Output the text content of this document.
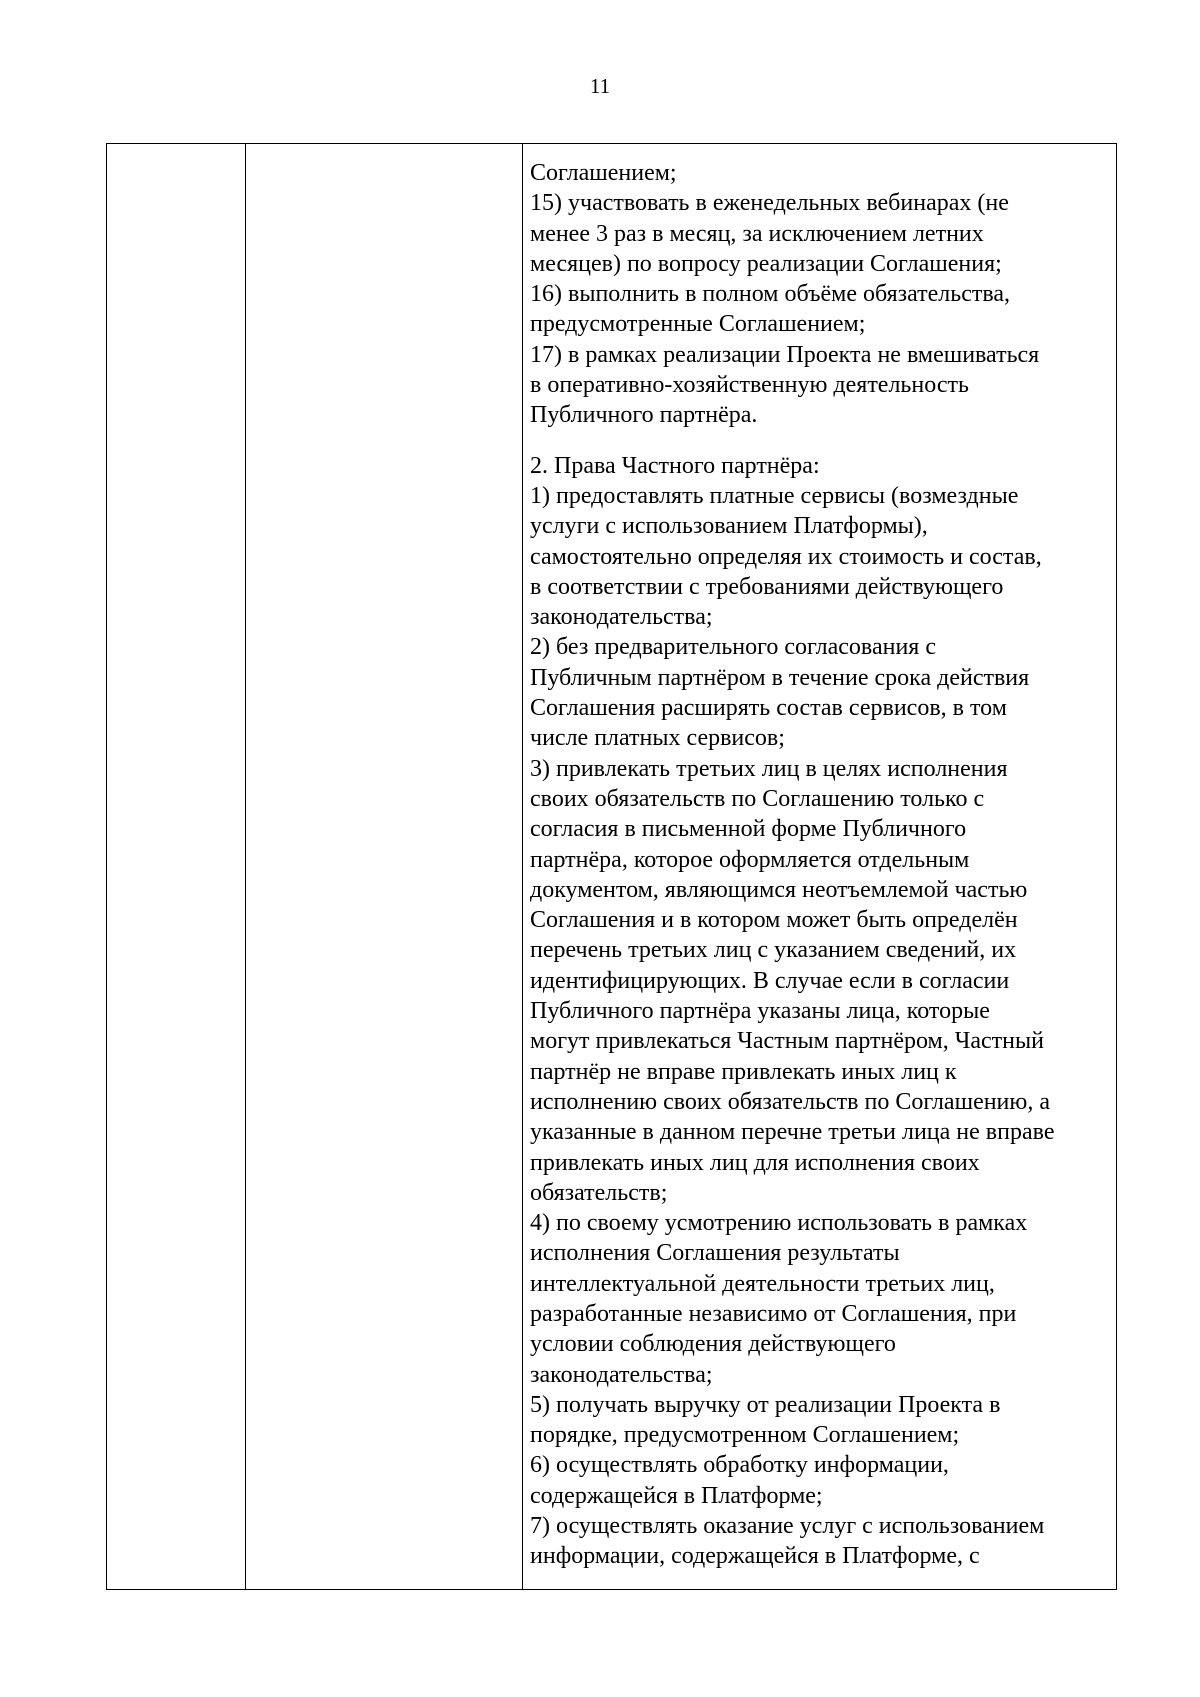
11

Соглашением;
15) участвовать в еженедельных вебинарах (не
менее 3 раз в месяц, за исключением летних
месяцев) по вопросу реализации Соглашения;
16) выполнить в полном объёме обязательства,
предусмотренные Соглашением;
17) в рамках реализации Проекта не вмешиваться
в оперативно-хозяйственную деятельность
Публичного партнёра.
2. Права Частного партнёра:
1) предоставлять платные сервисы (возмездные
услуги с использованием Платформы),
самостоятельно определяя их стоимость и состав,
в соответствии с требованиями действующего
законодательства;
2) без предварительного согласования с
Публичным партнёром в течение срока действия
Соглашения расширять состав сервисов, в том
числе платных сервисов;
3) привлекать третьих лиц в целях исполнения
своих обязательств по Соглашению только с
согласия в письменной форме Публичного
партнёра, которое оформляется отдельным
документом, являющимся неотъемлемой частью
Соглашения и в котором может быть определён
перечень третьих лиц с указанием сведений, их
идентифицирующих. В случае если в согласии
Публичного партнёра указаны лица, которые
могут привлекаться Частным партнёром, Частный
партнёр не вправе привлекать иных лиц к
исполнению своих обязательств по Соглашению, а
указанные в данном перечне третьи лица не вправе
привлекать иных лиц для исполнения своих
обязательств;
4) по своему усмотрению использовать в рамках
исполнения Соглашения результаты
интеллектуальной деятельности третьих лиц,
разработанные независимо от Соглашения, при
условии соблюдения действующего
законодательства;
5) получать выручку от реализации Проекта в
порядке, предусмотренном Соглашением;
6) осуществлять обработку информации,
содержащейся в Платформе;
7) осуществлять оказание услуг с использованием
информации, содержащейся в Платформе, с
